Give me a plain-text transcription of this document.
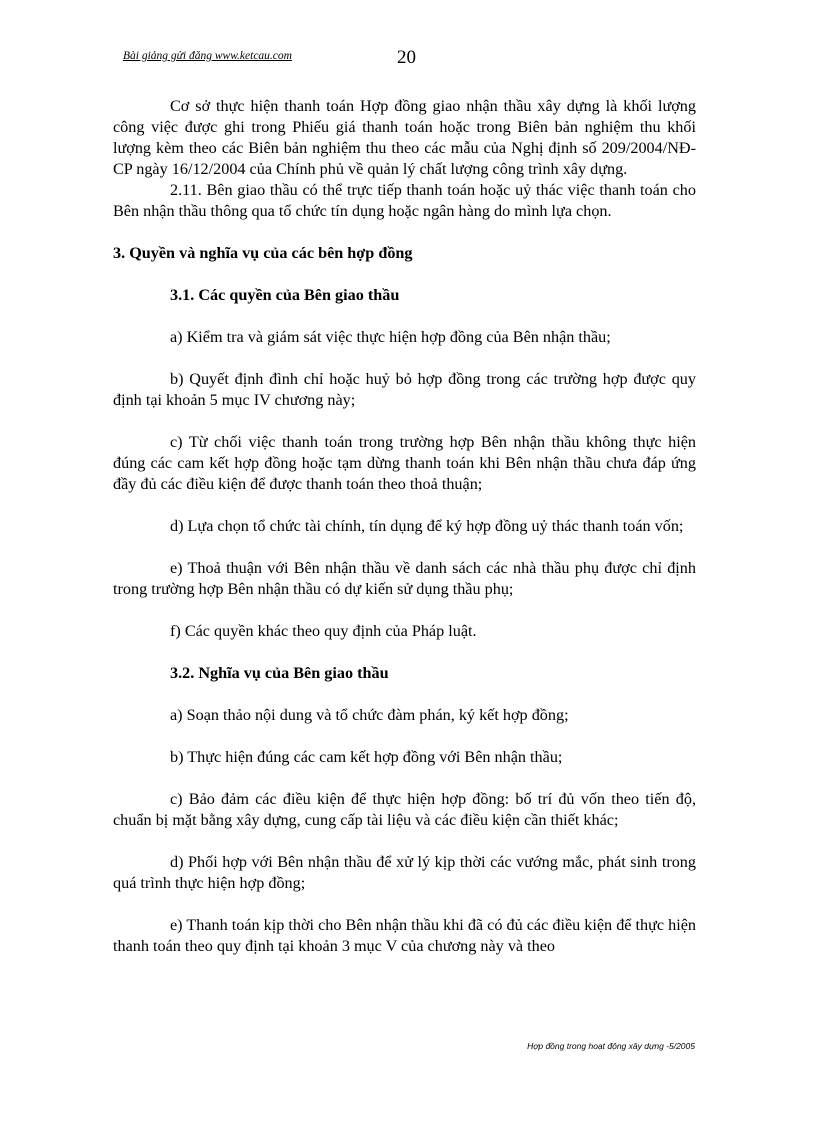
Bài giảng gửi đăng www.ketcau.com	20

Cơ sở thực hiện thanh toán Hợp đồng giao nhận thầu xây dựng là khối lượng công việc được ghi trong Phiếu giá thanh toán hoặc trong Biên bản nghiệm thu khối lượng kèm theo các Biên bản nghiệm thu theo các mẫu của Nghị định số 209/2004/NĐ-CP ngày 16/12/2004 của Chính phủ về quản lý chất lượng công trình xây dựng.

2.11. Bên giao thầu có thể trực tiếp thanh toán hoặc uỷ thác việc thanh toán cho Bên nhận thầu thông qua tổ chức tín dụng hoặc ngân hàng do mình lựa chọn.

3. Quyền và nghĩa vụ của các bên hợp đồng

3.1. Các quyền của Bên giao thầu

a) Kiểm tra và giám sát việc thực hiện hợp đồng của Bên nhận thầu;

b) Quyết định đình chỉ hoặc huỷ bỏ hợp đồng trong các trường hợp được quy định tại khoản 5 mục IV chương này;

c) Từ chối việc thanh toán trong trường hợp Bên nhận thầu không thực hiện đúng các cam kết hợp đồng hoặc tạm dừng thanh toán khi Bên nhận thầu chưa đáp ứng đầy đủ các điều kiện để được thanh toán theo thoả thuận;

d) Lựa chọn tổ chức tài chính, tín dụng để ký hợp đồng uỷ thác thanh toán vốn;

e) Thoả thuận với Bên nhận thầu về danh sách các nhà thầu phụ được chỉ định trong trường hợp Bên nhận thầu có dự kiến sử dụng thầu phụ;

f) Các quyền khác theo quy định của Pháp luật.

3.2. Nghĩa vụ của Bên giao thầu

a) Soạn thảo nội dung và tổ chức đàm phán, ký kết hợp đồng;

b) Thực hiện đúng các cam kết hợp đồng với Bên nhận thầu;

c) Bảo đảm các điều kiện để thực hiện hợp đồng: bố trí đủ vốn theo tiến độ, chuẩn bị mặt bằng xây dựng, cung cấp tài liệu và các điều kiện cần thiết khác;

d) Phối hợp với Bên nhận thầu để xử lý kịp thời các vướng mắc, phát sinh trong quá trình thực hiện hợp đồng;

e) Thanh toán kịp thời cho Bên nhận thầu khi đã có đủ các điều kiện để thực hiện thanh toán theo quy định tại khoản 3 mục V của chương này và theo

Hợp đồng trong hoạt động xây dựng -5/2005
